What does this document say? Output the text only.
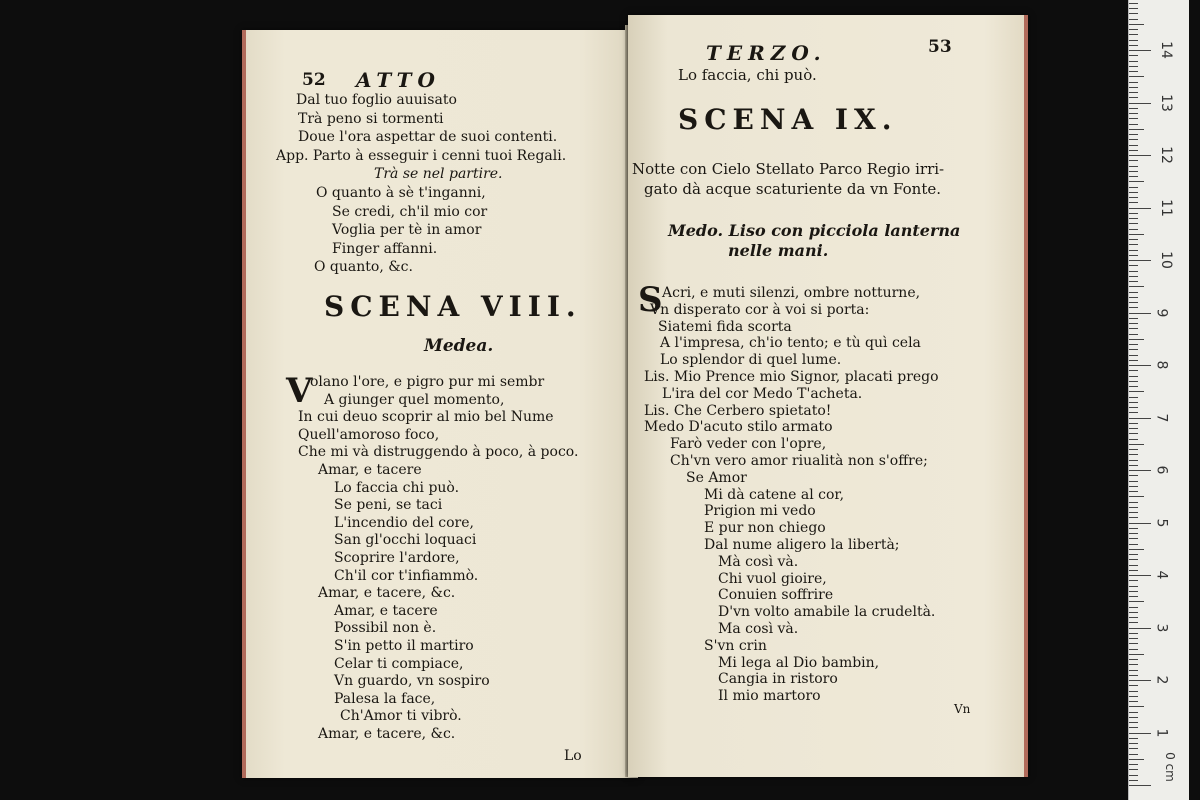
52 ATTO
Dal tuo foglio auuisato
Trà peno si tormenti
Doue l'ora aspettar de suoi contenti.
App. Parto à esseguir i cenni tuoi Regali.
Trà se nel partire.
O quanto à sè t'inganni,
Se credi, ch'il mio cor
Voglia per tè in amor
Finger affanni.
O quanto, &c.
SCENA VIII.
Medea.
V
olano l'ore, e pigro pur mi sembr
A giunger quel momento,
In cui deuo scoprir al mio bel Nume
Quell'amoroso foco,
Che mi và distruggendo à poco, à poco.
Amar, e tacere
Lo faccia chi può.
Se peni, se taci
L'incendio del core,
San gl'occhi loquaci
Scoprire l'ardore,
Ch'il cor t'infiammò.
Amar, e tacere, &c.
Amar, e tacere
Possibil non è.
S'in petto il martiro
Celar ti compiace,
Vn guardo, vn sospiro
Palesa la face,
Ch'Amor ti vibrò.
Amar, e tacere, &c.
Lo
TERZO.	53
Lo faccia, chi può.
SCENA IX.
Notte con Cielo Stellato Parco Regio irri-
gato dà acque scaturiente da vn Fonte.
Medo. Liso con picciola lanterna
nelle mani.
S Acri, e muti silenzi, ombre notturne,
Vn disperato cor à voi si porta:
Siatemi fida scorta
A l'impresa, ch'io tento; e tù quì cela
Lo splendor di quel lume.
Lis. Mio Prence mio Signor, placati prego
L'ira del cor Medo T'acheta.
Lis. Che Cerbero spietato!
Medo D'acuto stilo armato
Farò veder con l'opre,
Ch'vn vero amor riualità non s'offre;
Se Amor
Mi dà catene al cor,
Prigion mi vedo
E pur non chiego
Dal nume aligero la libertà;
Mà così và.
Chi vuol gioire,
Conuien soffrire
D'vn volto amabile la crudeltà.
Ma così và.
S'vn crin
Mi lega al Dio bambin,
Cangia in ristoro
Il mio martoro
Vn
0 cm
14
13
12
11
10
9
8
7
6
5
4
3
2
1
